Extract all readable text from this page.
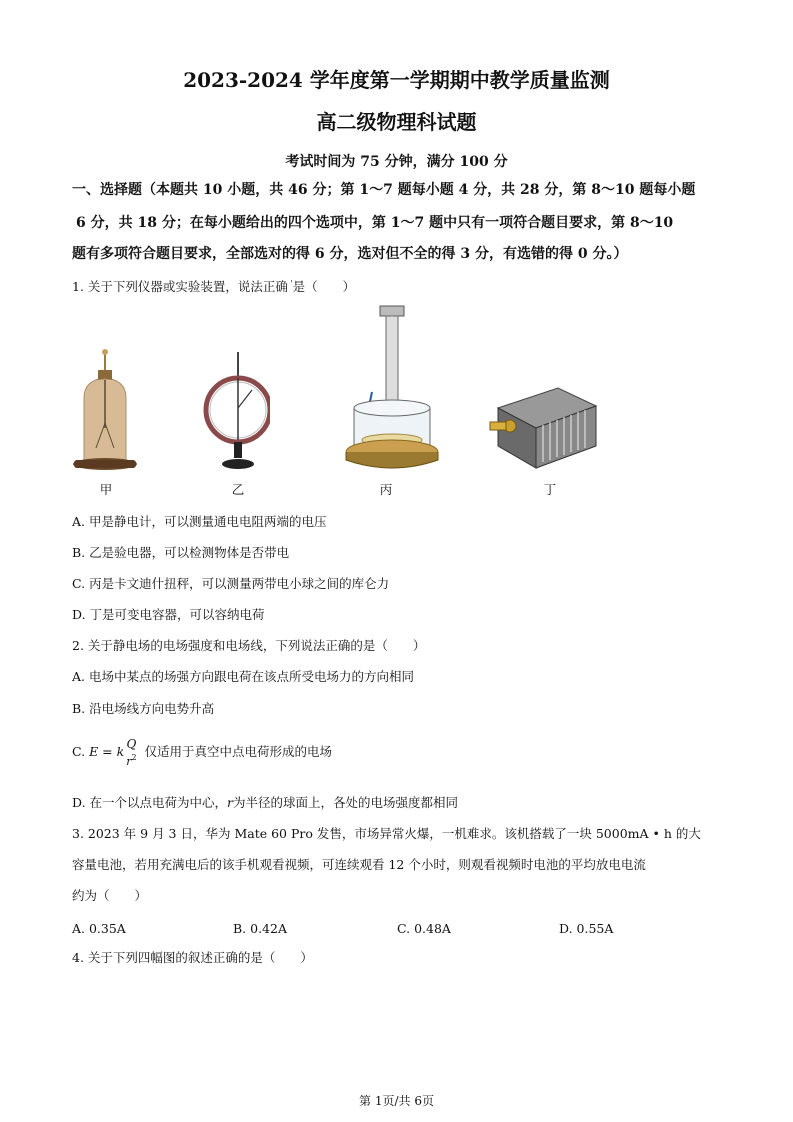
2023-2024 学年度第一学期期中教学质量监测
高二级物理科试题
考试时间为 75 分钟，满分 100 分
一、选择题（本题共 10 小题，共 46 分；第 1～7 题每小题 4 分，共 28 分，第 8～10 题每小题
6 分，共 18 分；在每小题给出的四个选项中，第 1～7 题中只有一项符合题目要求，第 8～10
题有多项符合题目要求，全部选对的得 6 分，选对但不全的得 3 分，有选错的得 0 分。）
1. 关于下列仪器或实验装置，说法正确 '是（　　）
甲	乙	丙	丁
A. 甲是静电计，可以测量通电电阻两端的电压
B. 乙是验电器，可以检测物体是否带电
C. 丙是卡文迪什扭秤，可以测量两带电小球之间的库仑力
D. 丁是可变电容器，可以容纳电荷
2. 关于静电场的电场强度和电场线，下列说法正确的是（　　）
A. 电场中某点的场强方向跟电荷在该点所受电场力的方向相同
B. 沿电场线方向电势升高
C. E = k
Q
$r^2$ 仅适用于真空中点电荷形成的电场
D. 在一个以点电荷为中心，r为半径的球面上，各处的电场强度都相同
3. 2023 年 9 月 3 日，华为 Mate 60 Pro 发售，市场异常火爆，一机难求。该机搭载了一块 5000mA • h 的大
容量电池，若用充满电后的该手机观看视频，可连续观看 12 个小时，则观看视频时电池的平均放电电流
约为（　　）
A. 0.35A	B. 0.42A	C. 0.48A	D. 0.55A
4. 关于下列四幅图的叙述正确的是（　　）
第 1页/共 6页
